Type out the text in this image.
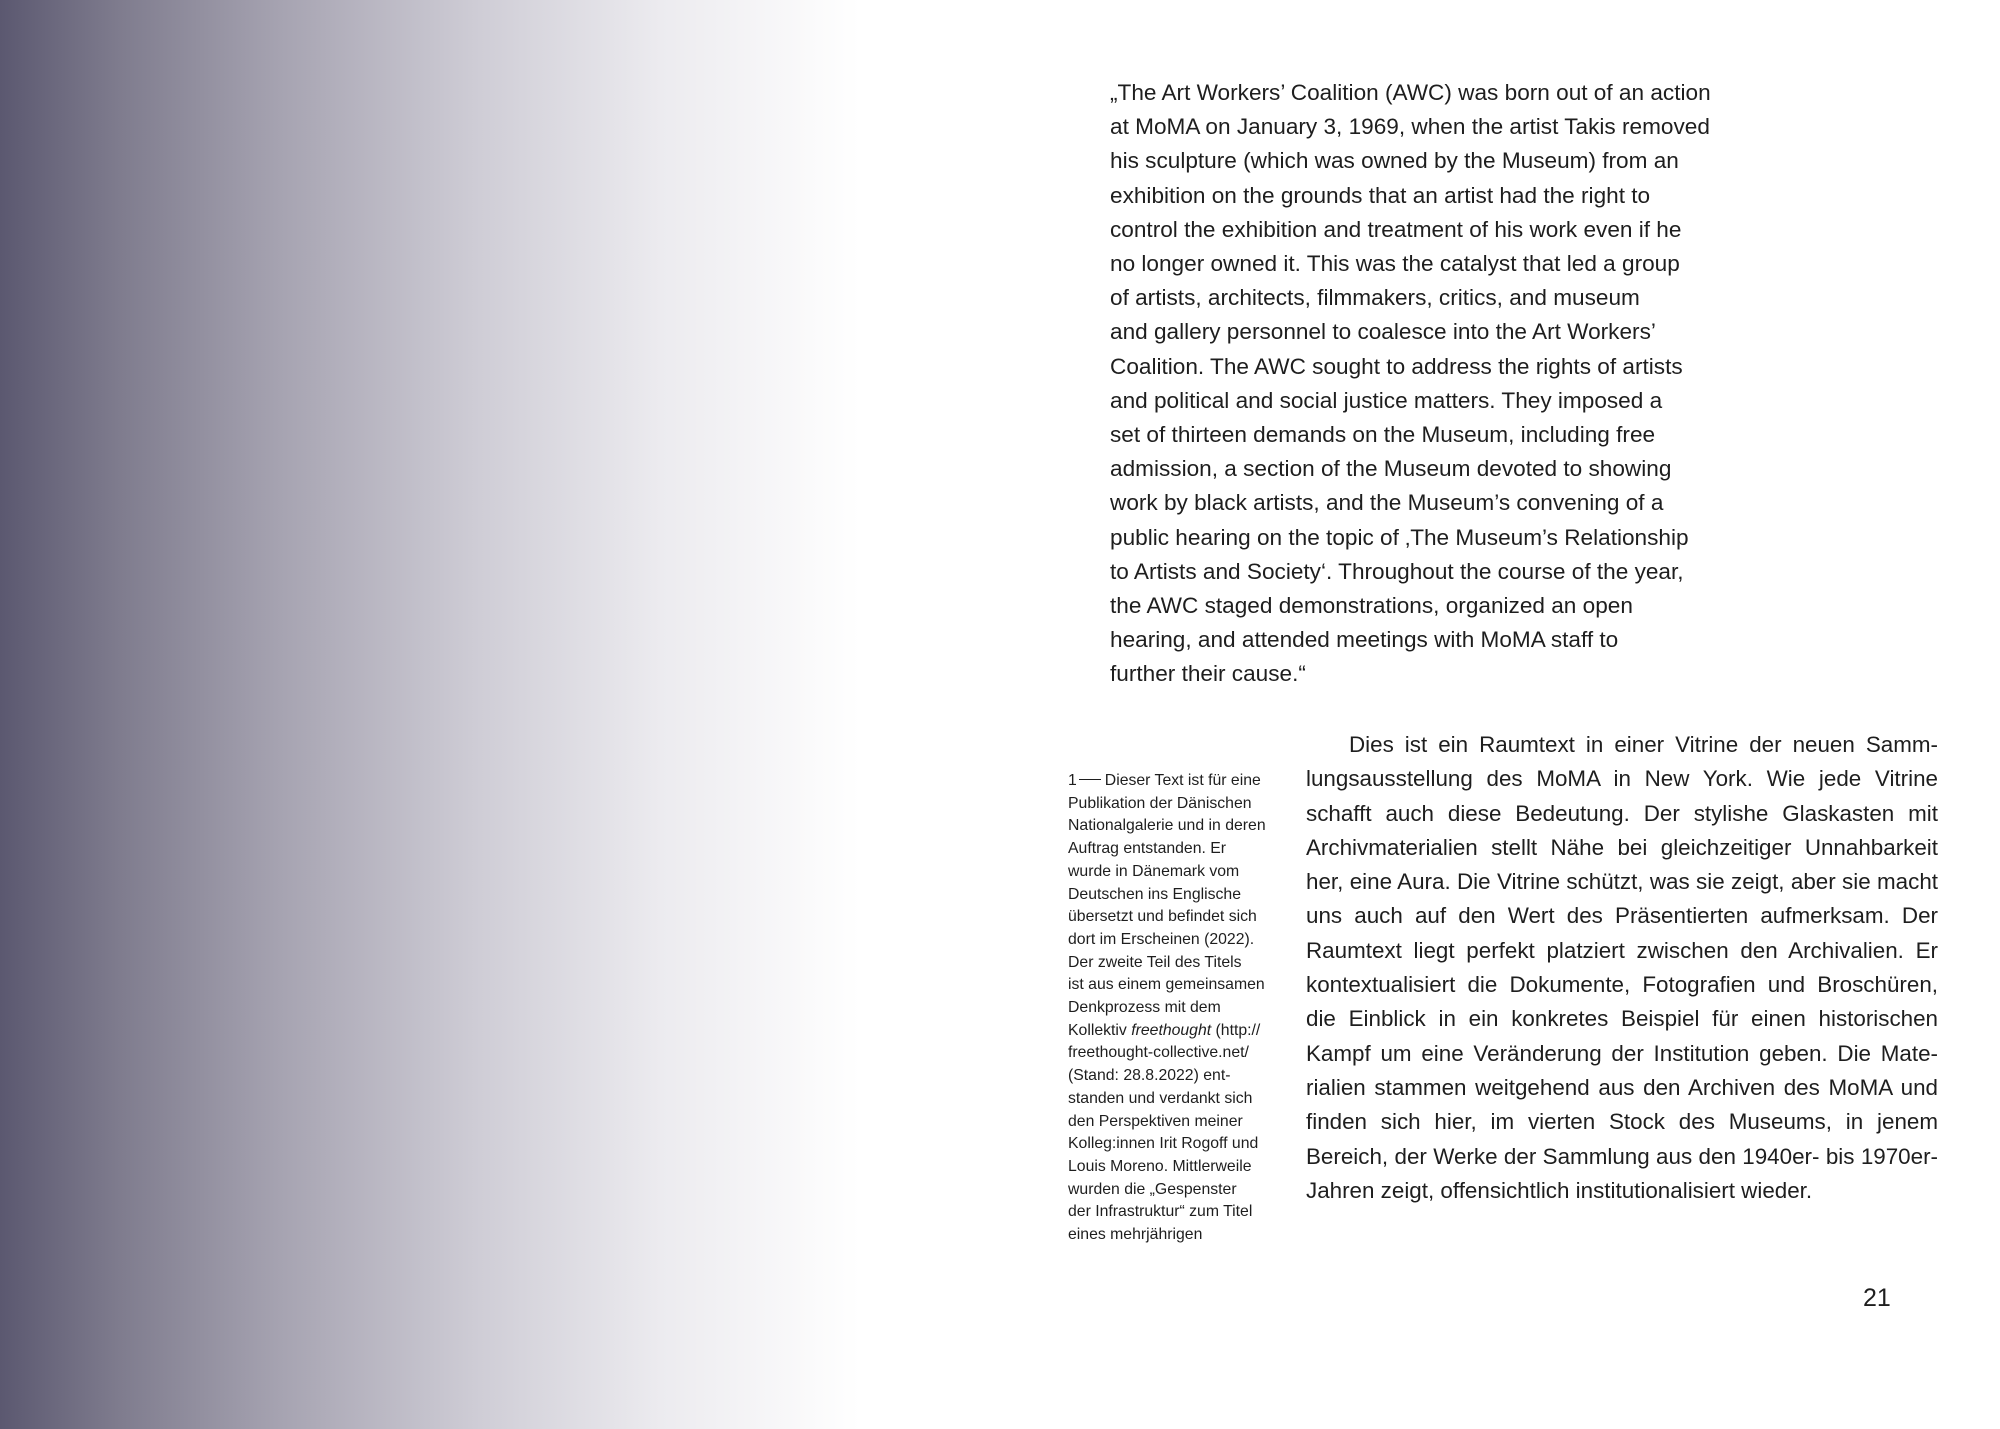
„The Art Workers’ Coalition (AWC) was born out of an action
at MoMA on January 3, 1969, when the artist Takis removed
his sculpture (which was owned by the Museum) from an
exhibition on the grounds that an artist had the right to
control the exhibition and treatment of his work even if he
no longer owned it. This was the catalyst that led a group
of artists, architects, filmmakers, critics, and museum
and gallery personnel to coalesce into the Art Workers’
Coalition. The AWC sought to address the rights of artists
and political and social justice matters. They imposed a
set of thirteen demands on the Museum, including free
admission, a section of the Museum devoted to showing
work by black artists, and the Museum’s convening of a
public hearing on the topic of ‚The Museum’s Relationship
to Artists and Society‘. Throughout the course of the year,
the AWC staged demonstrations, organized an open
hearing, and attended meetings with MoMA staff to
further their cause.“
1 Dieser Text ist für eine
Publikation der Dänischen
Nationalgalerie und in deren
Auftrag entstanden. Er
wurde in Dänemark vom
Deutschen ins Englische
übersetzt und befindet sich
dort im Erscheinen (2022).
Der zweite Teil des Titels
ist aus einem gemeinsamen
Denkprozess mit dem
Kollektiv freethought (http://
freethought-collective.net/
(Stand: 28.8.2022) ent-
standen und verdankt sich
den Perspektiven meiner
Kolleg:innen Irit Rogoff und
Louis Moreno. Mittlerweile
wurden die „Gespenster
der Infrastruktur“ zum Titel
eines mehrjährigen
Dies ist ein Raumtext in einer Vitrine der neuen Samm-
lungsausstellung des MoMA in New York. Wie jede Vitrine
schafft auch diese Bedeutung. Der stylishe Glaskasten mit
Archivmaterialien stellt Nähe bei gleichzeitiger Unnahbarkeit
her, eine Aura. Die Vitrine schützt, was sie zeigt, aber sie macht
uns auch auf den Wert des Präsentierten aufmerksam. Der
Raumtext liegt perfekt platziert zwischen den Archivalien. Er
kontextualisiert die Dokumente, Fotografien und Broschüren,
die Einblick in ein konkretes Beispiel für einen historischen
Kampf um eine Veränderung der Institution geben. Die Mate-
rialien stammen weitgehend aus den Archiven des MoMA und
finden sich hier, im vierten Stock des Museums, in jenem
Bereich, der Werke der Sammlung aus den 1940er- bis 1970er-
Jahren zeigt, offensichtlich institutionalisiert wieder.
21
